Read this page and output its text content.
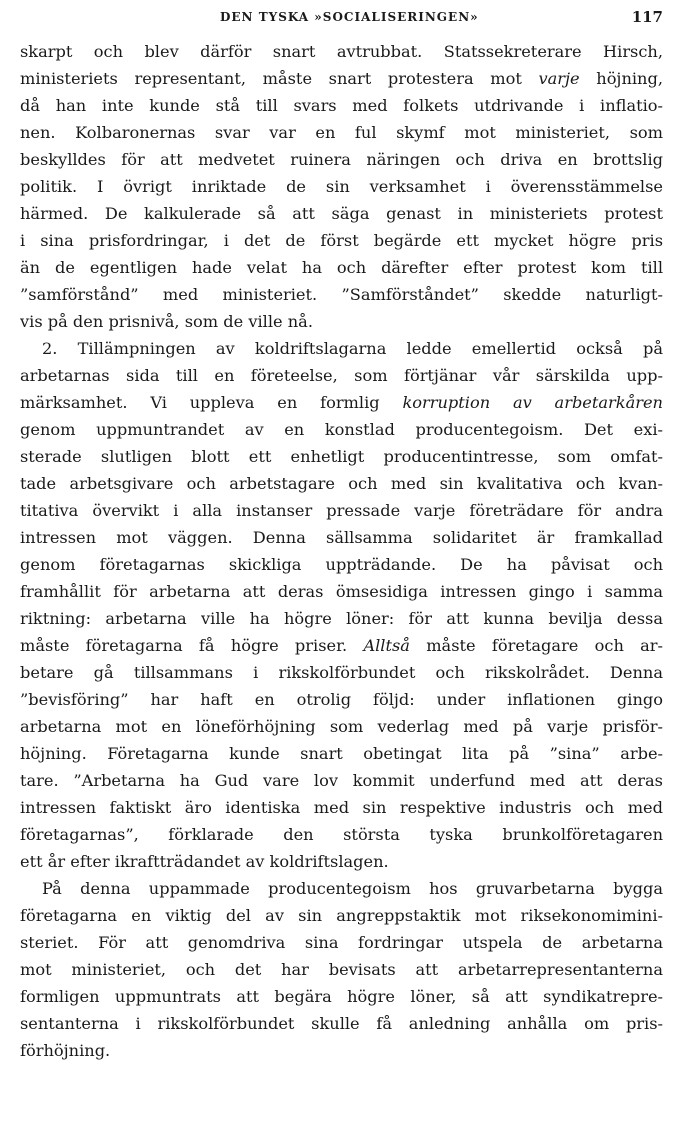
DEN TYSKA »SOCIALISERINGEN»	117
skarpt och blev därför snart avtrubbat. Statssekreterare Hirsch,
ministeriets representant, måste snart protestera mot varje höjning,
då han inte kunde stå till svars med folkets utdrivande i inflatio-
nen. Kolbaronernas svar var en ful skymf mot ministeriet, som
beskylldes för att medvetet ruinera näringen och driva en brottslig
politik. I övrigt inriktade de sin verksamhet i överensstämmelse
härmed. De kalkulerade så att säga genast in ministeriets protest
i sina prisfordringar, i det de först begärde ett mycket högre pris
än de egentligen hade velat ha och därefter efter protest kom till
”samförstånd” med ministeriet. ”Samförståndet” skedde naturligt-
vis på den prisnivå, som de ville nå.
2. Tillämpningen av koldriftslagarna ledde emellertid också på
arbetarnas sida till en företeelse, som förtjänar vår särskilda upp-
märksamhet. Vi uppleva en formlig korruption av arbetarkåren
genom uppmuntrandet av en konstlad producentegoism. Det exi-
sterade slutligen blott ett enhetligt producentintresse, som omfat-
tade arbetsgivare och arbetstagare och med sin kvalitativa och kvan-
titativa övervikt i alla instanser pressade varje företrädare för andra
intressen mot väggen. Denna sällsamma solidaritet är framkallad
genom företagarnas skickliga uppträdande. De ha påvisat och
framhållit för arbetarna att deras ömsesidiga intressen gingo i samma
riktning: arbetarna ville ha högre löner: för att kunna bevilja dessa
måste företagarna få högre priser. Alltså måste företagare och ar-
betare gå tillsammans i rikskolförbundet och rikskolrådet. Denna
”bevisföring” har haft en otrolig följd: under inflationen gingo
arbetarna mot en löneförhöjning som vederlag med på varje prisför-
höjning. Företagarna kunde snart obetingat lita på ”sina” arbe-
tare. ”Arbetarna ha Gud vare lov kommit underfund med att deras
intressen faktiskt äro identiska med sin respektive industris och med
företagarnas”, förklarade den största tyska brunkolföretagaren
ett år efter ikraftträdandet av koldriftslagen.
På denna uppammade producentegoism hos gruvarbetarna bygga
företagarna en viktig del av sin angreppstaktik mot riksekonomimini-
steriet. För att genomdriva sina fordringar utspela de arbetarna
mot ministeriet, och det har bevisats att arbetarrepresentanterna
formligen uppmuntrats att begära högre löner, så att syndikatrepre-
sentanterna i rikskolförbundet skulle få anledning anhålla om pris-
förhöjning.
